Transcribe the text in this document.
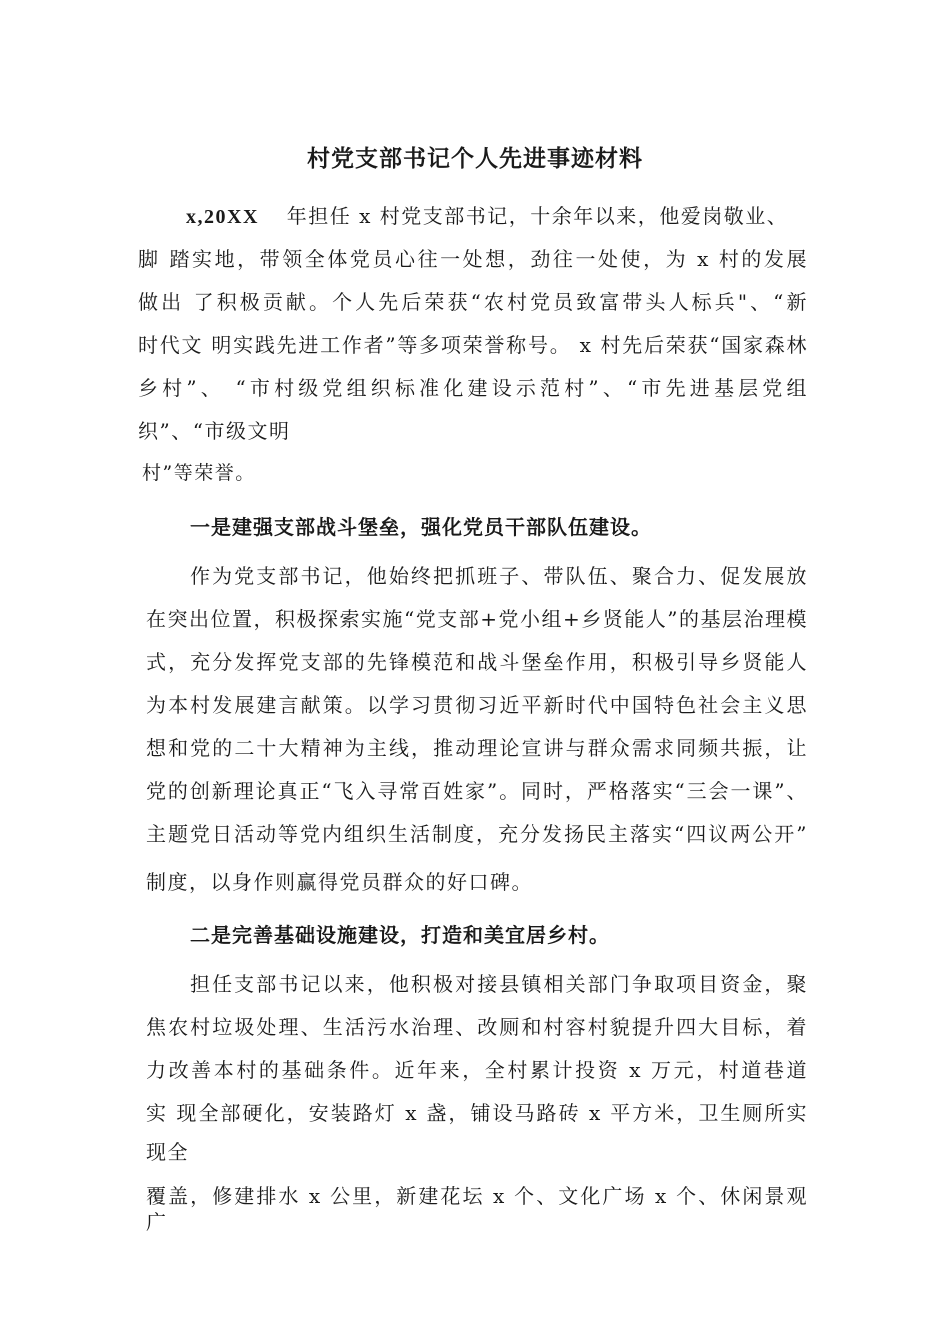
村党支部书记个人先进事迹材料
x,20XX 年担任 x 村党支部书记，十余年以来，他爱岗敬业、
脚 踏实地，带领全体党员心往一处想，劲往一处使，为 x 村的发展
做出 了积极贡献。个人先后荣获“农村党员致富带头人标兵"、“新
时代文 明实践先进工作者”等多项荣誉称号。 x 村先后荣获“国家森林
乡村”、 “市村级党组织标准化建设示范村”、“市先进基层党组
织”、“市级文明
村”等荣誉。
一是建强支部战斗堡垒，强化党员干部队伍建设。
作为党支部书记，他始终把抓班子、带队伍、聚合力、促发展放
在突出位置，积极探索实施“党支部+党小组+乡贤能人”的基层治理模
式，充分发挥党支部的先锋模范和战斗堡垒作用，积极引导乡贤能人
为本村发展建言献策。以学习贯彻习近平新时代中国特色社会主义思
想和党的二十大精神为主线，推动理论宣讲与群众需求同频共振，让
党的创新理论真正“飞入寻常百姓家”。同时，严格落实“三会一课”、
主题党日活动等党内组织生活制度，充分发扬民主落实“四议两公开”
制度，以身作则赢得党员群众的好口碑。
二是完善基础设施建设，打造和美宜居乡村。
担任支部书记以来，他积极对接县镇相关部门争取项目资金，聚
焦农村垃圾处理、生活污水治理、改厕和村容村貌提升四大目标，着
力改善本村的基础条件。近年来，全村累计投资 x 万元，村道巷道
实 现全部硬化，安装路灯 x 盏，铺设马路砖 x 平方米，卫生厕所实
现全
覆盖，修建排水 x 公里，新建花坛 x 个、文化广场 x 个、休闲景观
广
